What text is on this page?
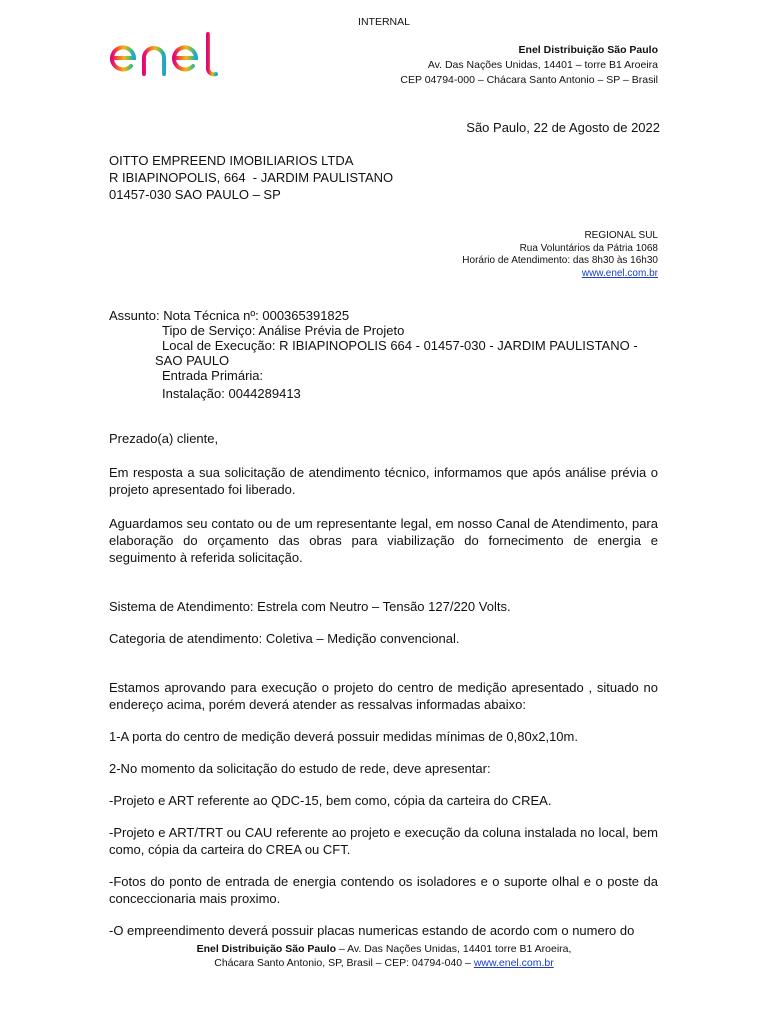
INTERNAL
Enel Distribuição São Paulo
Av. Das Nações Unidas, 14401 – torre B1 Aroeira
CEP 04794-000 – Chácara Santo Antonio – SP – Brasil
São Paulo, 22 de Agosto de 2022
OITTO EMPREEND IMOBILIARIOS LTDA
R IBIAPINOPOLIS, 664  - JARDIM PAULISTANO
01457-030 SAO PAULO – SP
REGIONAL SUL
Rua Voluntários da Pátria 1068
Horário de Atendimento: das 8h30 às 16h30
www.enel.com.br
Assunto: Nota Técnica nº: 000365391825
Tipo de Serviço: Análise Prévia de Projeto
Local de Execução: R IBIAPINOPOLIS 664 - 01457-030 - JARDIM PAULISTANO -
SAO PAULO
Entrada Primária:
Instalação: 0044289413

Prezado(a) cliente,

Em resposta a sua solicitação de atendimento técnico, informamos que após análise prévia o projeto apresentado foi liberado.

Aguardamos seu contato ou de um representante legal, em nosso Canal de Atendimento, para elaboração do orçamento das obras para viabilização do fornecimento de energia e seguimento à referida solicitação.

Sistema de Atendimento: Estrela com Neutro – Tensão 127/220 Volts.

Categoria de atendimento: Coletiva – Medição convencional.

Estamos aprovando para execução o projeto do centro de medição apresentado , situado no endereço acima, porém deverá atender as ressalvas informadas abaixo:

1-A porta do centro de medição deverá possuir medidas mínimas de 0,80x2,10m.

2-No momento da solicitação do estudo de rede, deve apresentar:

-Projeto e ART referente ao QDC-15, bem como, cópia da carteira do CREA.

-Projeto e ART/TRT ou CAU referente ao projeto e execução da coluna instalada no local, bem como, cópia da carteira do CREA ou CFT.

-Fotos do ponto de entrada de energia contendo os isoladores e o suporte olhal e o poste da conceccionaria mais proximo.

-O empreendimento deverá possuir placas numericas estando de acordo com o numero do

Enel Distribuição São Paulo – Av. Das Nações Unidas, 14401 torre B1 Aroeira,
Chácara Santo Antonio, SP, Brasil – CEP: 04794-040 – www.enel.com.br
